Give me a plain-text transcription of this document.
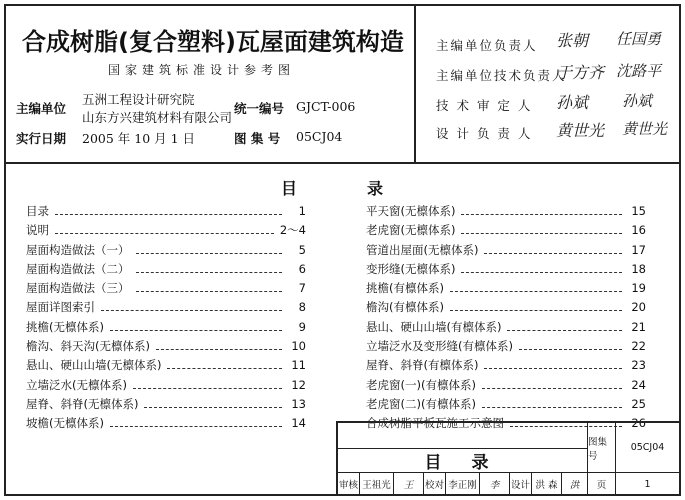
合成树脂(复合塑料)瓦屋面建筑构造
国家建筑标准设计参考图
主编单位
五洲工程设计研究院
山东方兴建筑材料有限公司
统一编号 GJCT-006
实行日期 2005 年 10 月 1 日	图 集 号 05CJ04
主编单位负责人 张朝 任国勇
主编单位技术负责人
于方齐 沈路平
技 术 审 定 人 孙斌 孙斌
设 计 负 责 人 黄世光 黄世光
目	录
目录	1
说明	2～4
屋面构造做法（一）	5
屋面构造做法（二）	6
屋面构造做法（三）	7
屋面详图索引	8
挑檐(无檩体系)	9
檐沟、斜天沟(无檩体系)	10
悬山、硬山山墙(无檩体系)	11
立墙泛水(无檩体系)	12
屋脊、斜脊(无檩体系)	13
坡檐(无檩体系)	14
平天窗(无檩体系)	15
老虎窗(无檩体系)	16
管道出屋面(无檩体系)	17
变形缝(无檩体系)	18
挑檐(有檩体系)	19
檐沟(有檩体系)	20
悬山、硬山山墙(有檩体系)	21
立墙泛水及变形缝(有檩体系)	22
屋脊、斜脊(有檩体系)	23
老虎窗(一)(有檩体系)	24
老虎窗(二)(有檩体系)	25
合成树脂平板瓦施工示意图	26
目 录
图集号
05CJ04
审核 王祖光	王	校对 李正刚	李	设计 洪 森	洪	页	1
